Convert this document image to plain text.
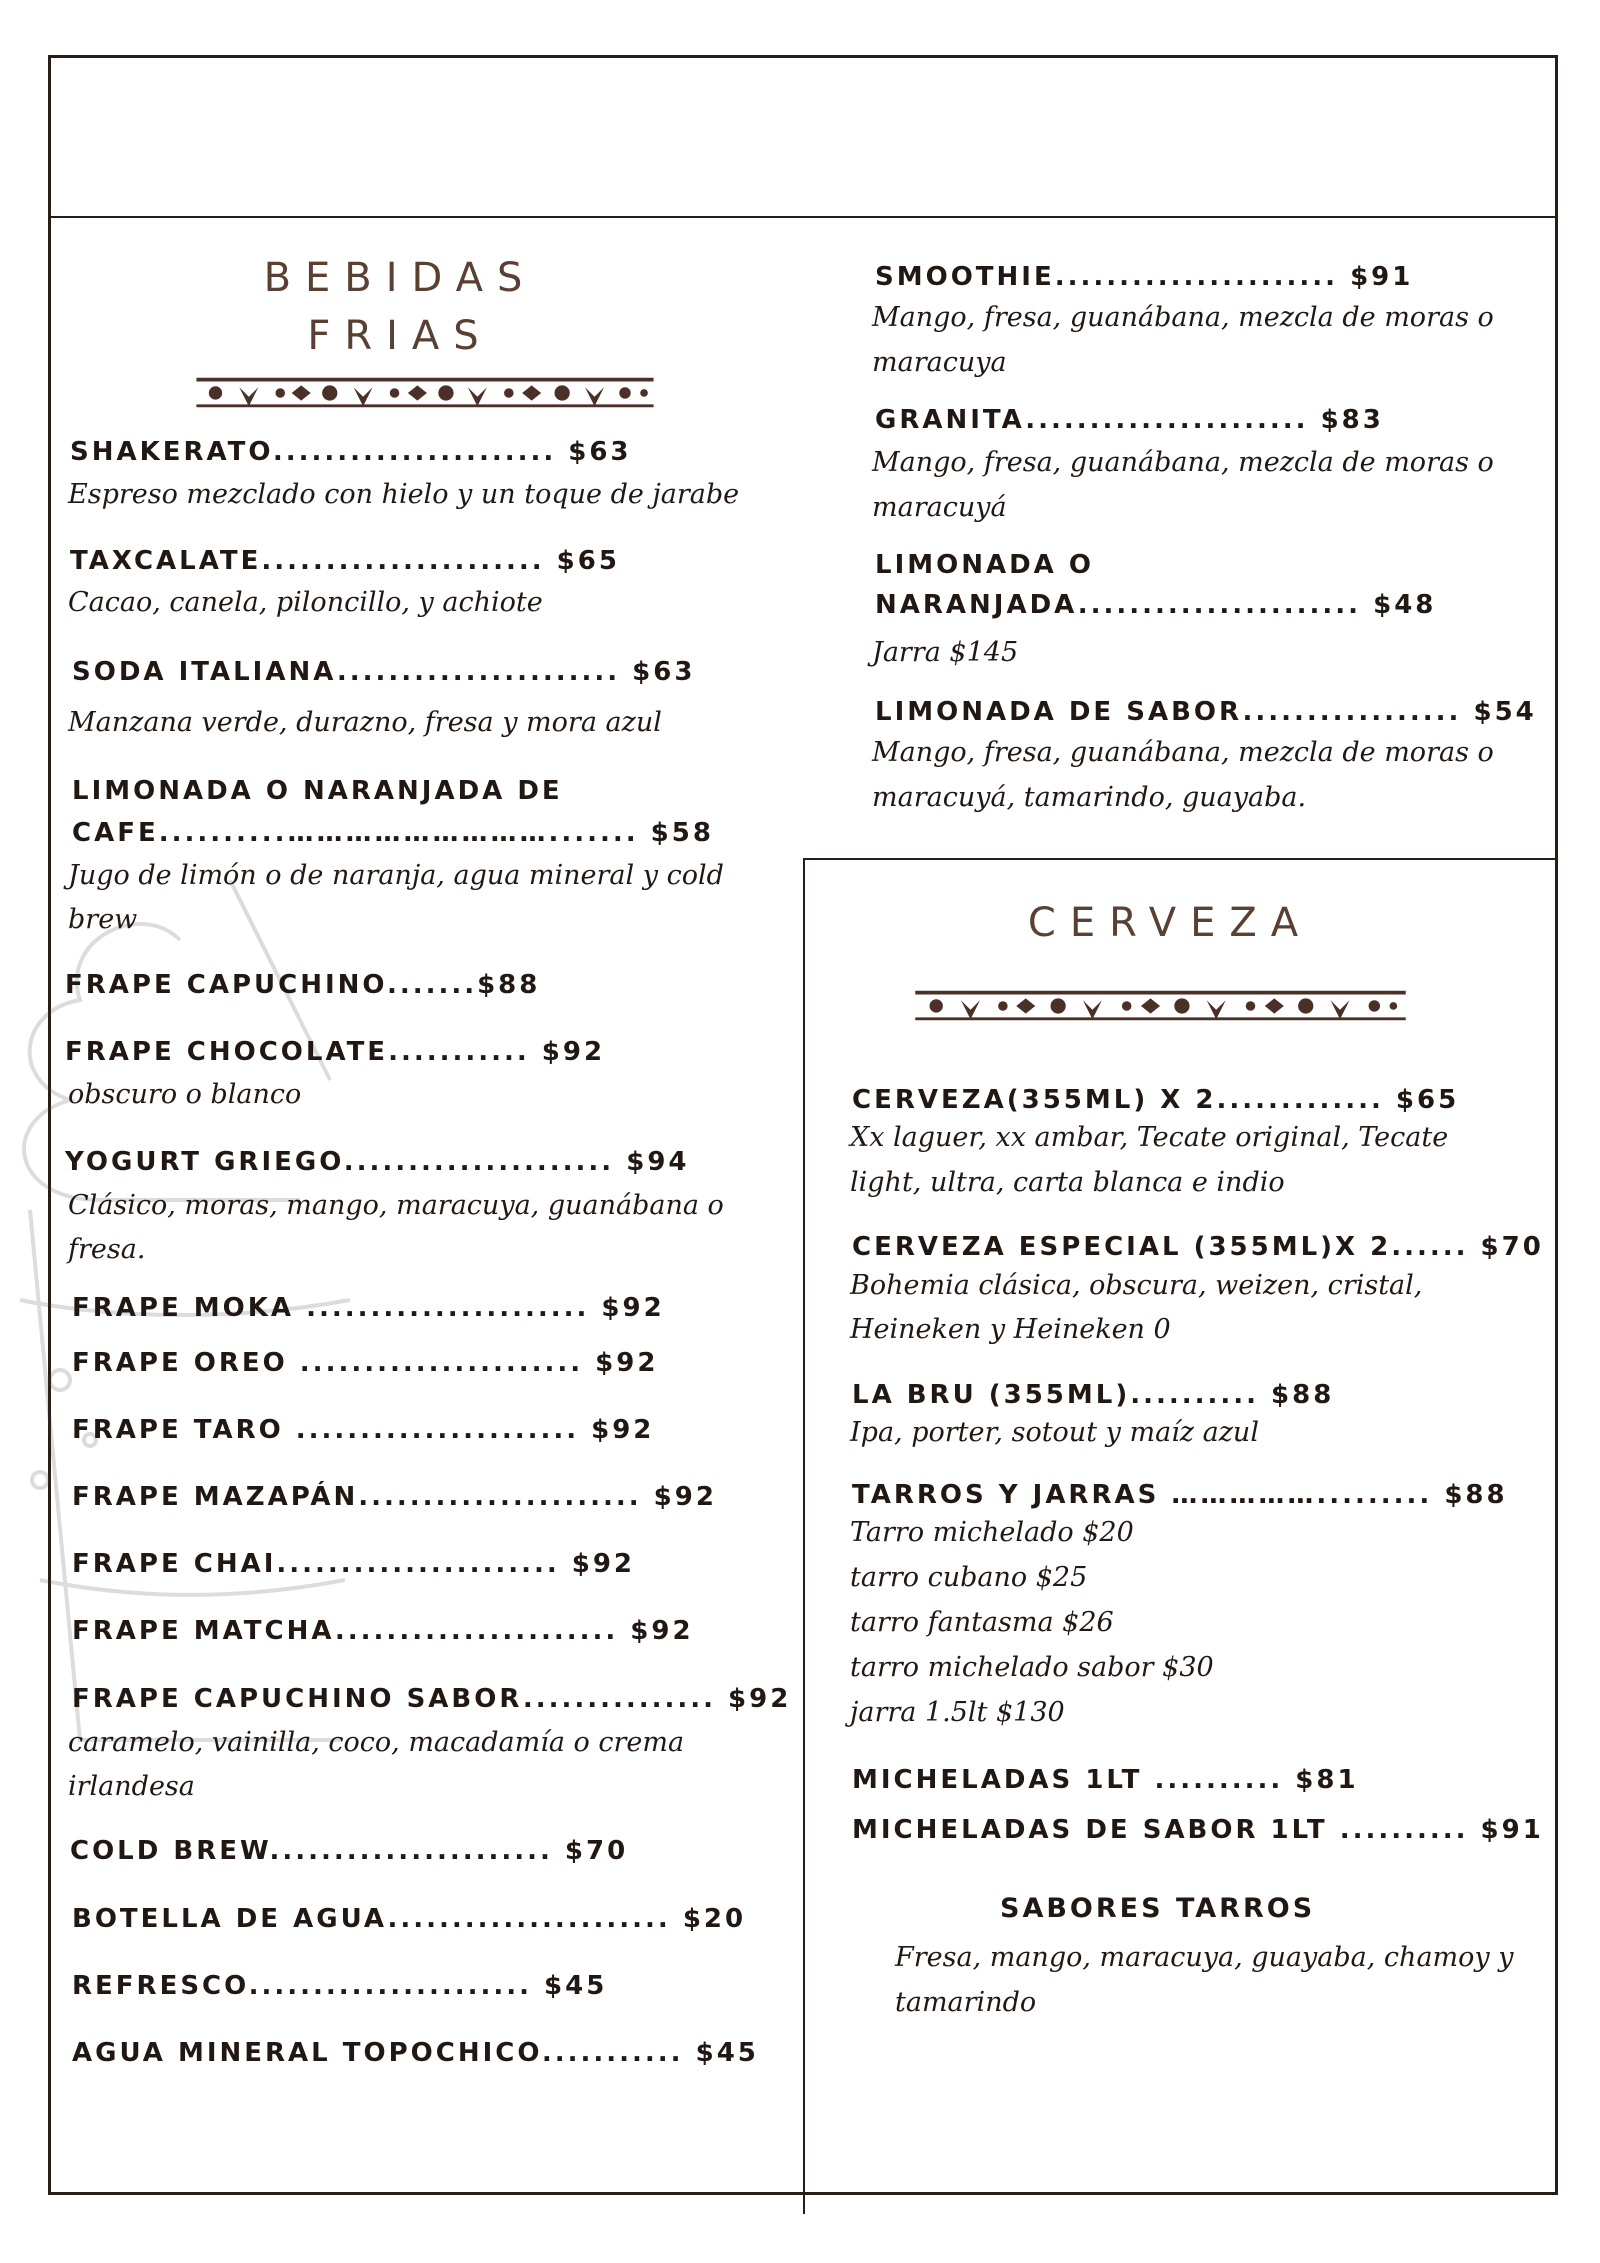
BEBIDAS
FRIAS
SHAKERATO...................... $63
Espreso mezclado con hielo y un toque de jarabe
TAXCALATE...................... $65
Cacao, canela, piloncillo, y achiote
SODA ITALIANA...................... $63
Manzana verde, durazno, fresa y mora azul
LIMONADA O NARANJADA DE
CAFE..........………………………....... $58
Jugo de limón o de naranja, agua mineral y cold
brew
FRAPE CAPUCHINO.......$88
FRAPE CHOCOLATE........... $92
obscuro o blanco
YOGURT GRIEGO..................... $94
Clásico, moras, mango, maracuya, guanábana o
fresa.
FRAPE MOKA ...................... $92
FRAPE OREO ...................... $92
FRAPE TARO ...................... $92
FRAPE MAZAPÁN...................... $92
FRAPE CHAI...................... $92
FRAPE MATCHA...................... $92
FRAPE CAPUCHINO SABOR............... $92
caramelo, vainilla, coco, macadamía o crema
irlandesa
COLD BREW...................... $70
BOTELLA DE AGUA...................... $20
REFRESCO...................... $45
AGUA MINERAL TOPOCHICO........... $45
SMOOTHIE...................... $91
Mango, fresa, guanábana, mezcla de moras o
maracuya
GRANITA...................... $83
Mango, fresa, guanábana, mezcla de moras o
maracuyá
LIMONADA O
NARANJADA...................... $48
Jarra $145
LIMONADA DE SABOR................. $54
Mango, fresa, guanábana, mezcla de moras o
maracuyá, tamarindo, guayaba.
CERVEZA
CERVEZA(355ML) X 2............. $65
Xx laguer, xx ambar, Tecate original, Tecate
light, ultra, carta blanca e indio
CERVEZA ESPECIAL (355ML)X 2...... $70
Bohemia clásica, obscura, weizen, cristal,
Heineken y Heineken 0
LA BRU (355ML).......... $88
Ipa, porter, sotout y maíz azul
TARROS Y JARRAS ……………......... $88
Tarro michelado $20
tarro cubano $25
tarro fantasma $26
tarro michelado sabor $30
jarra 1.5lt $130
MICHELADAS 1LT .......... $81
MICHELADAS DE SABOR 1LT .......... $91
SABORES TARROS
Fresa, mango, maracuya, guayaba, chamoy y
tamarindo
